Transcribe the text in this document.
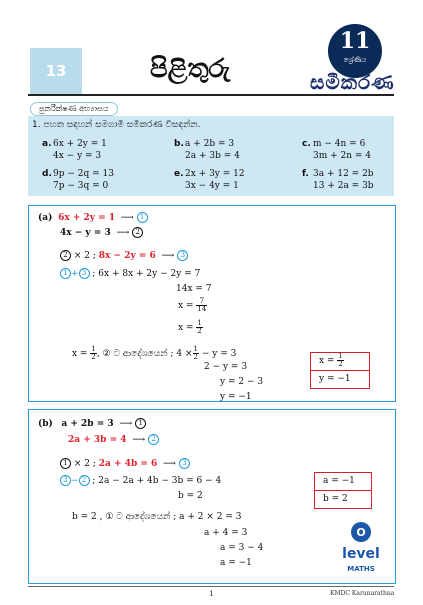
13	පිළිතුරු
11
ශ්‍රේණිය
සමීකරණ
පුනරීක්ෂණ අභ්‍යාසය
1. පහත සඳහන් සමගාමී සමීකරණ විසඳන්න.
a. 6x + 2y = 1
4x − y = 3
b.a + 2b = 3
2a + 3b = 4
c. m − 4n = 6
3m + 2n = 4
d.9p − 2q = 13
7p − 3q = 0
e.2x + 3y = 12
3x − 4y = 1
f. 3a + 12 = 2b
13 + 2a = 3b
(a) 6x + 2y = 1 ⟶ 1
4x − y = 3 ⟶ 2
2 × 2 ; 8x − 2y = 6 ⟶ 3
1 + 3 ; 6x + 8x + 2y − 2y = 7
14x = 7
$x = \frac{7}{14}$
$x = \frac{1}{2}$
$x = \frac{1}{2}$ , ② ට ආදේශයෙන් ; $4 \times \frac{1}{2} - y = 3$
2 − y = 3
y = 2 − 3
y = −1
$x = \frac{1}{2}$
y = −1
(b) a + 2b = 3 ⟶ 1
2a + 3b = 4 ⟶ 2
1 × 2 ; 2a + 4b = 6 ⟶ 3
3 − 2 ; 2a − 2a + 4b − 3b = 6 − 4
b = 2
b = 2 , ① ට ආදේශයෙන් ; a + 2 × 2 = 3
a + 4 = 3
a = 3 − 4
a = −1
a = −1
b = 2
O
level
MATHS
1	KMDC Karunarathna
